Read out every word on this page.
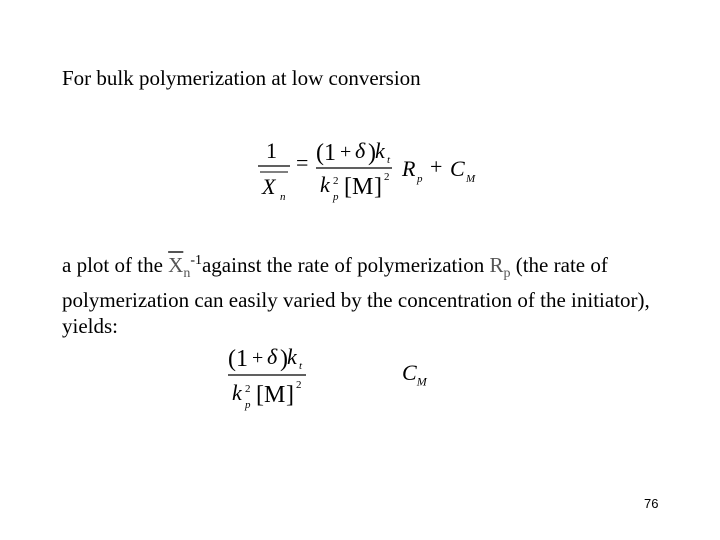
For bulk polymerization at low conversion
1
X n
= (1 + δ ) k t
k 2
p [M ] 2 R p + C M
a plot of the $\overline{X}_n^{-1}against$ the rate of polymerization $R_p$ (the rate of polymerization can easily varied by the concentration of the initiator), yields:
(1 + δ ) k t
k 2
p [M ] 2	$C_M$
76
